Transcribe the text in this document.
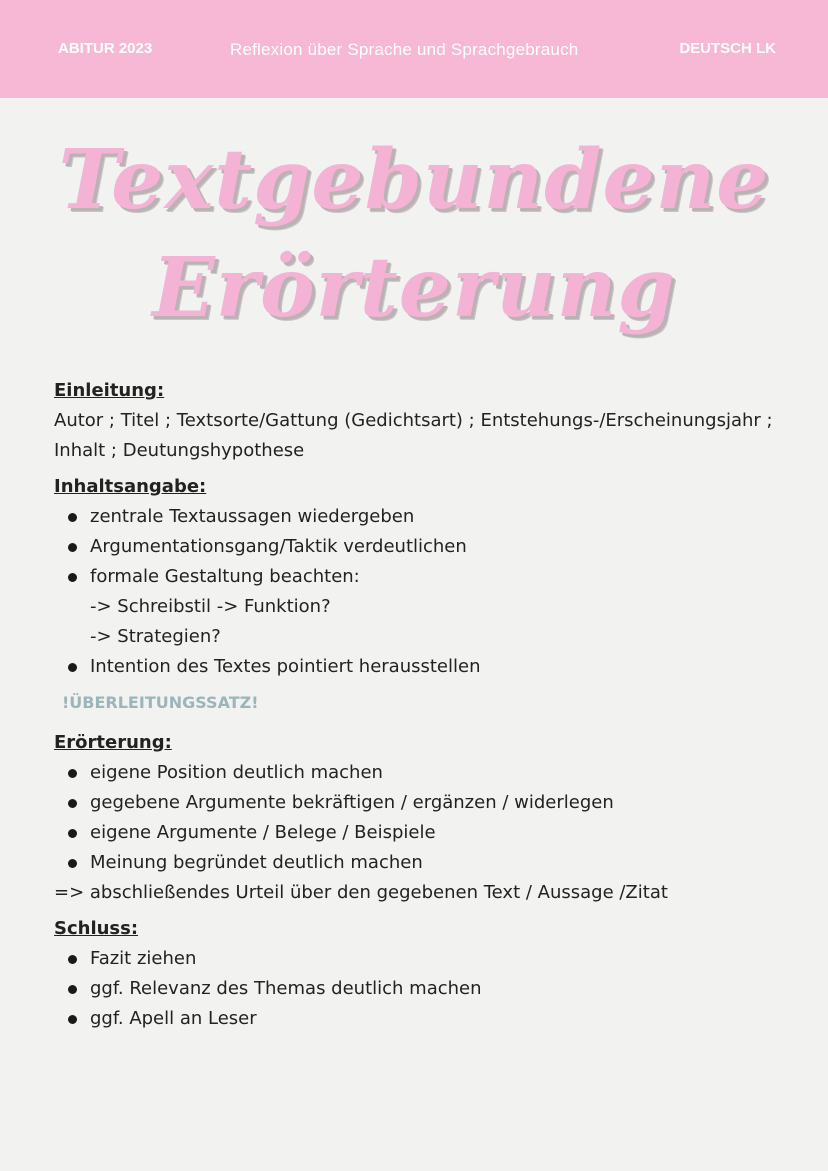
ABITUR 2023	Reflexion über Sprache und Sprachgebrauch	DEUTSCH LK
Textgebundene
Erörterung
Einleitung:
Autor ; Titel ; Textsorte/Gattung (Gedichtsart) ; Entstehungs-/Erscheinungsjahr ;
Inhalt ; Deutungshypothese
Inhaltsangabe:
zentrale Textaussagen wiedergeben
Argumentationsgang/Taktik verdeutlichen
formale Gestaltung beachten:
-> Schreibstil -> Funktion?
-> Strategien?
Intention des Textes pointiert herausstellen
!ÜBERLEITUNGSSATZ!
Erörterung:
eigene Position deutlich machen
gegebene Argumente bekräftigen / ergänzen / widerlegen
eigene Argumente / Belege / Beispiele
Meinung begründet deutlich machen
=> abschließendes Urteil über den gegebenen Text / Aussage /Zitat
Schluss:
Fazit ziehen
ggf. Relevanz des Themas deutlich machen
ggf. Apell an Leser
